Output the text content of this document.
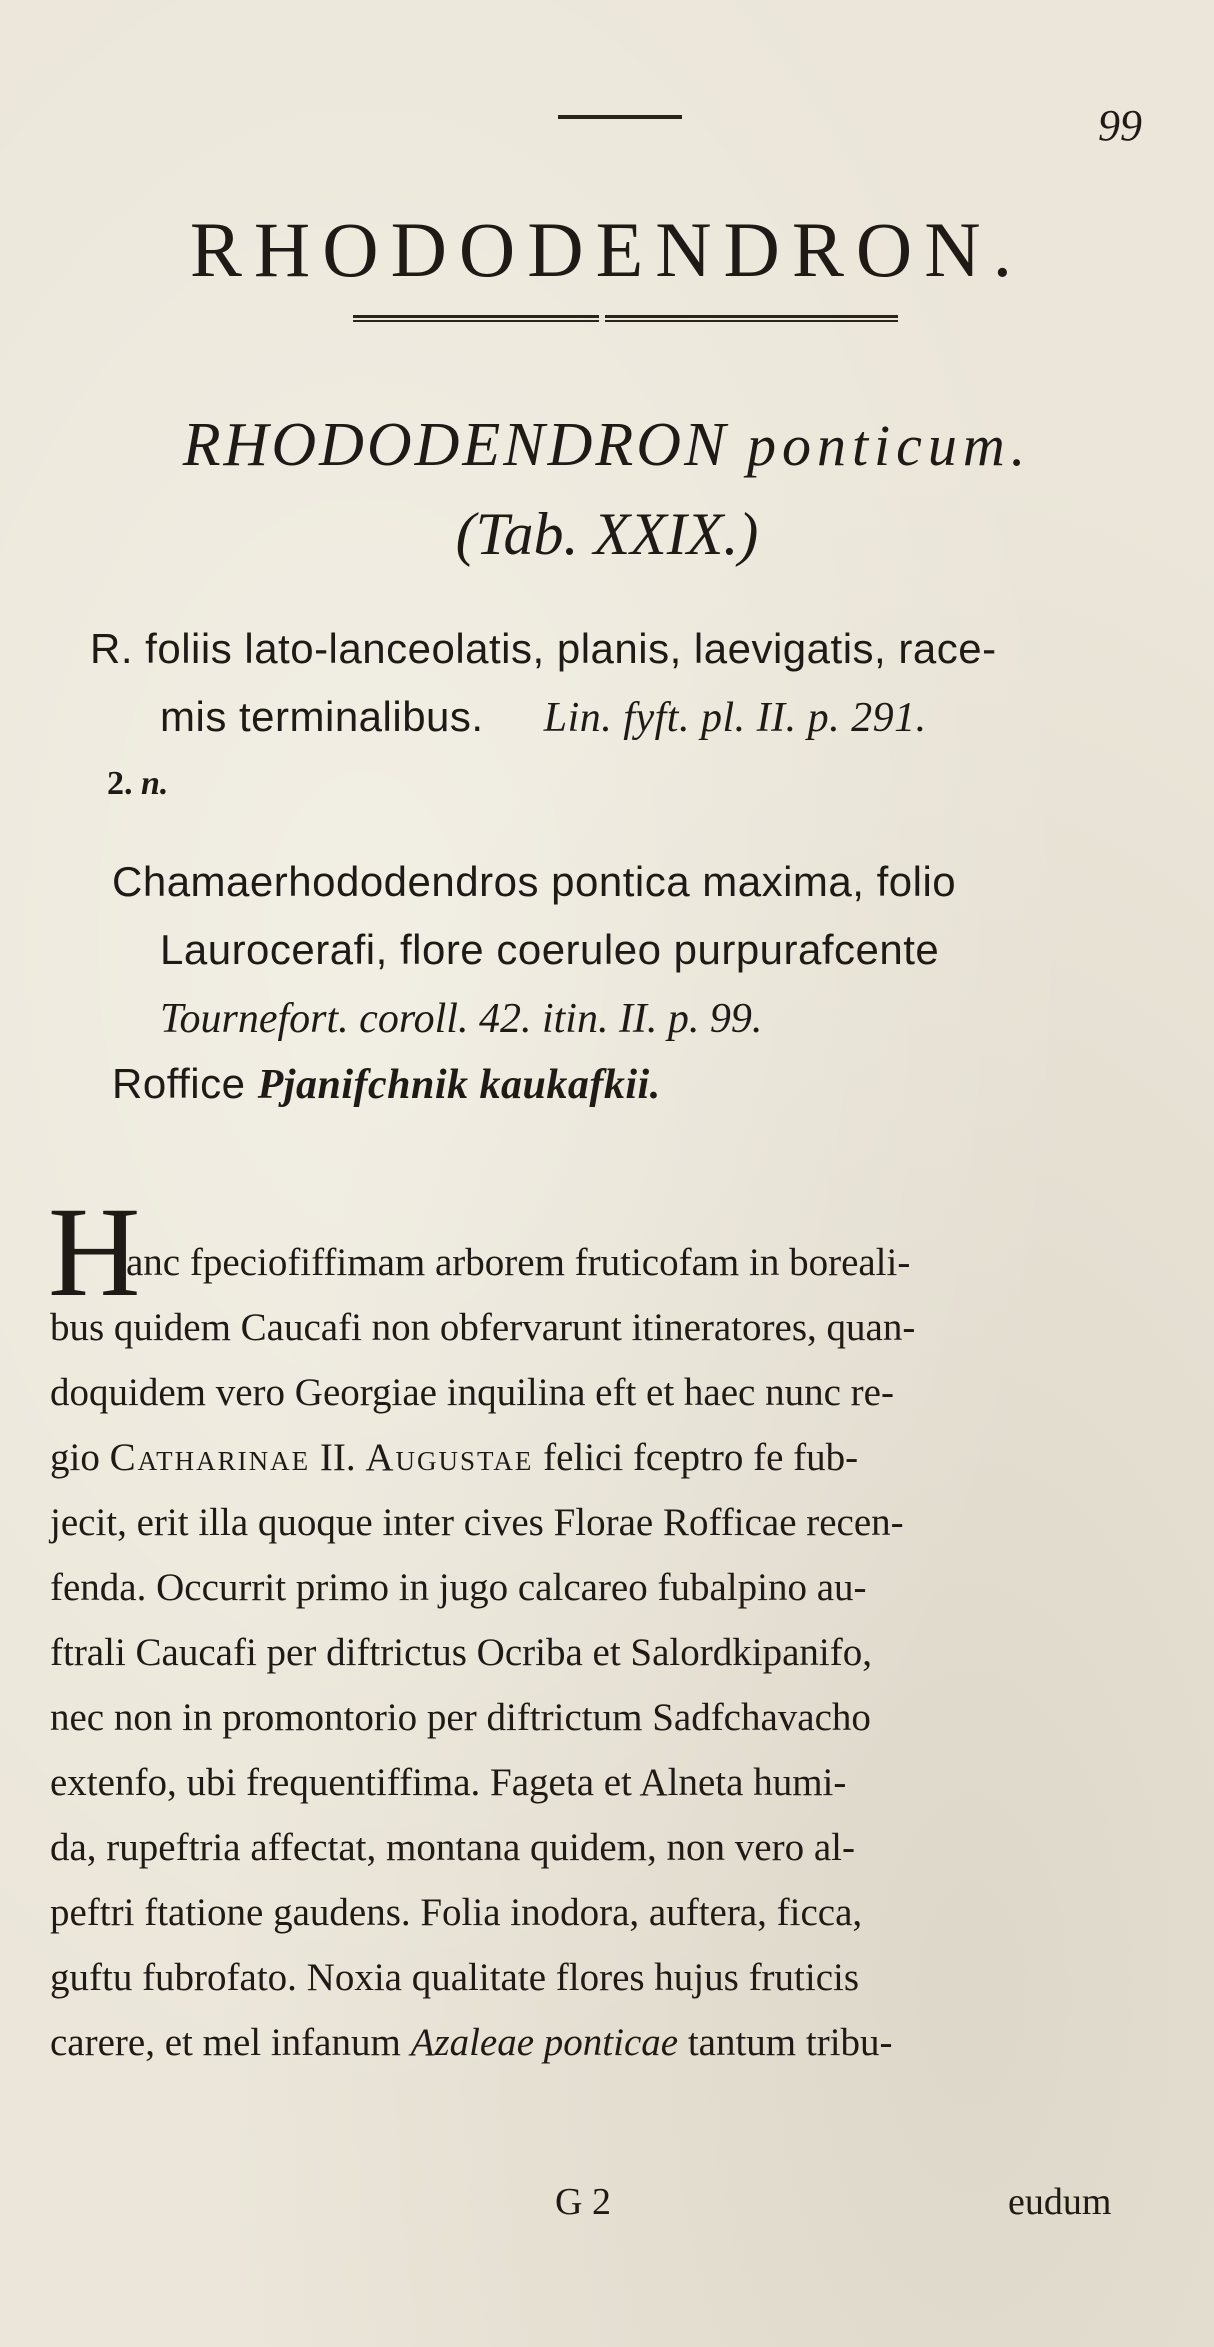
99
RHODODENDRON.
RHODODENDRON ponticum.
(Tab. XXIX.)
R. foliis lato-lanceolatis, planis, laevigatis, race-
mis terminalibus. Lin. fyft. pl. II. p. 291.
2. n.
Chamaerhododendros pontica maxima, folio
Laurocerafi, flore coeruleo purpurafcente
Tournefort. coroll. 42. itin. II. p. 99.
Roffice Pjanifchnik kaukafkii.
H
anc fpeciofiffimam arborem fruticofam in boreali-
bus quidem Caucafi non obfervarunt itineratores, quan-
doquidem vero Georgiae inquilina eft et haec nunc re-
gio Catharinae II. Augustae felici fceptro fe fub-
jecit, erit illa quoque inter cives Florae Rofficae recen-
fenda. Occurrit primo in jugo calcareo fubalpino au-
ftrali Caucafi per diftrictus Ocriba et Salordkipanifo,
nec non in promontorio per diftrictum Sadfchavacho
extenfo, ubi frequentiffima. Fageta et Alneta humi-
da, rupeftria affectat, montana quidem, non vero al-
peftri ftatione gaudens. Folia inodora, auftera, ficca,
guftu fubrofato. Noxia qualitate flores hujus fruticis
carere, et mel infanum Azaleae ponticae tantum tribu-
G 2	eudum
